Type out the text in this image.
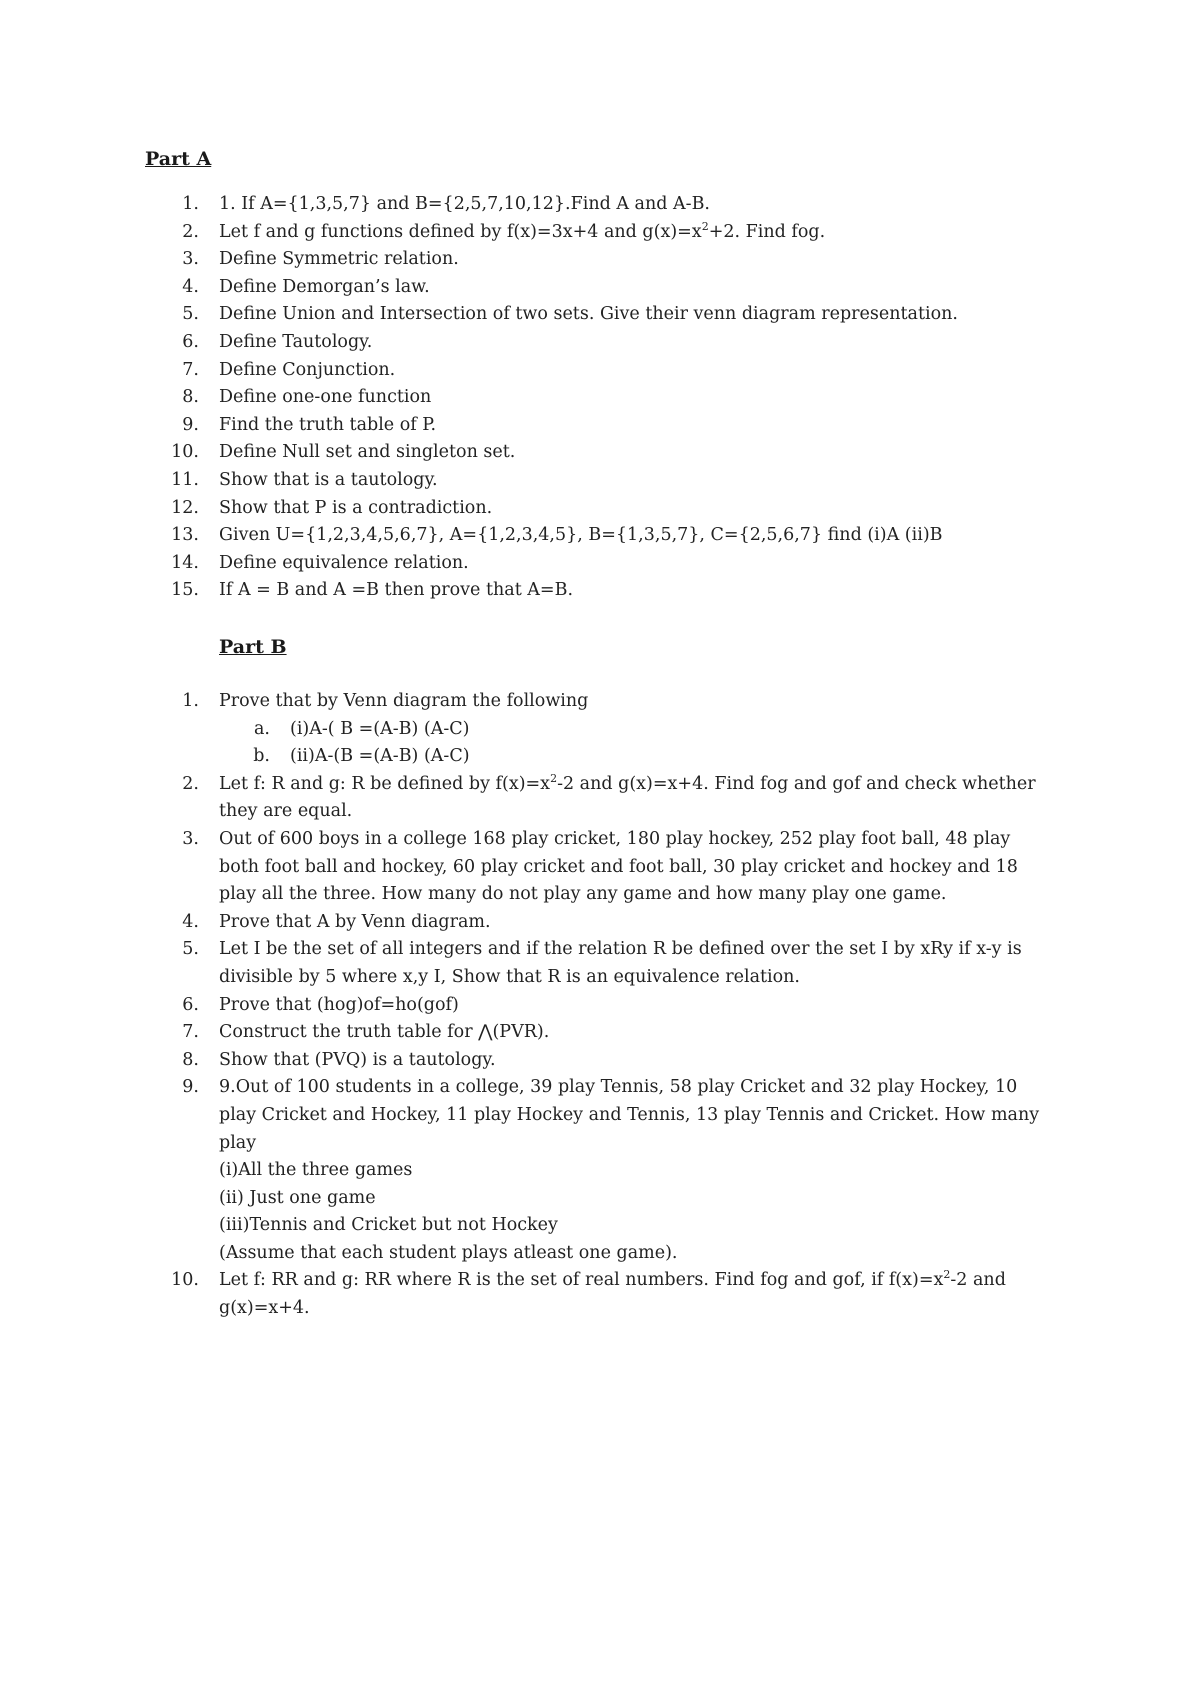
Part A
1. 1. If A={1,3,5,7} and B={2,5,7,10,12}.Find A and A-B.
2. Let f and g functions defined by f(x)=3x+4 and $g(x)=x^2+2$. Find fog.
3. Define Symmetric relation.
4. Define Demorgan’s law.
5. Define Union and Intersection of two sets. Give their venn diagram representation.
6. Define Tautology.
7. Define Conjunction.
8. Define one-one function
9. Find the truth table of P.
10. Define Null set and singleton set.
11. Show that is a tautology.
12. Show that P is a contradiction.
13. Given U={1,2,3,4,5,6,7}, A={1,2,3,4,5}, B={1,3,5,7}, C={2,5,6,7} find (i)A (ii)B
14. Define equivalence relation.
15. If A = B and A =B then prove that A=B.
Part B
1. Prove that by Venn diagram the following
a. (i)A-( B =(A-B) (A-C)
b. (ii)A-(B =(A-B) (A-C)
2. Let f: R and g: R be defined by $f(x)=x^2-2$ and g(x)=x+4. Find fog and gof and check whether
they are equal.
3. Out of 600 boys in a college 168 play cricket, 180 play hockey, 252 play foot ball, 48 play
both foot ball and hockey, 60 play cricket and foot ball, 30 play cricket and hockey and 18
play all the three. How many do not play any game and how many play one game.
4. Prove that A by Venn diagram.
5. Let I be the set of all integers and if the relation R be defined over the set I by xRy if x-y is
divisible by 5 where x,y I, Show that R is an equivalence relation.
6. Prove that (hog)of=ho(gof)
7. Construct the truth table for ⋀(PVR).
8. Show that (PVQ) is a tautology.
9. 9.Out of 100 students in a college, 39 play Tennis, 58 play Cricket and 32 play Hockey, 10
play Cricket and Hockey, 11 play Hockey and Tennis, 13 play Tennis and Cricket. How many
play
(i)All the three games
(ii) Just one game
(iii)Tennis and Cricket but not Hockey
(Assume that each student plays atleast one game).
10. Let f: RR and g: RR where R is the set of real numbers. Find fog and gof, if $f(x)=x^2-2$ and
g(x)=x+4.
